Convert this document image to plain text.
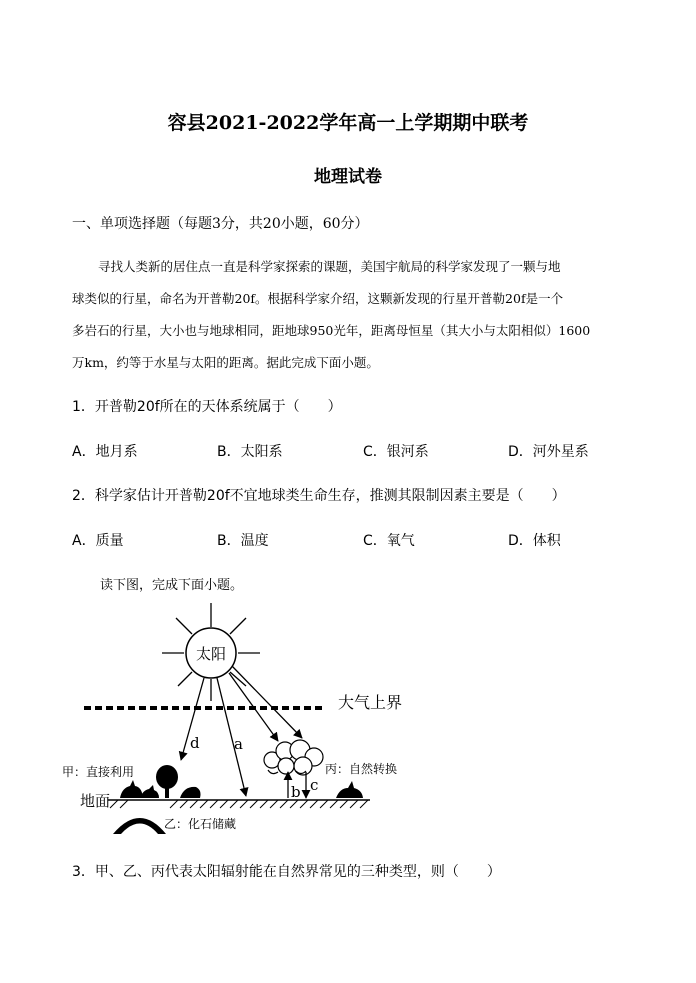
容县2021-2022学年高一上学期期中联考
地理试卷
一、单项选择题（每题3分，共20小题，60分）
寻找人类新的居住点一直是科学家探索的课题，美国宇航局的科学家发现了一颗与地
球类似的行星，命名为开普勒20f。根据科学家介绍，这颗新发现的行星开普勒20f是一个
多岩石的行星，大小也与地球相同，距地球950光年，距离母恒星（其大小与太阳相似）1600
万km，约等于水星与太阳的距离。据此完成下面小题。
1．开普勒20f所在的天体系统属于（　　）
A．地月系	B．太阳系	C．银河系	D．河外星系
2．科学家估计开普勒20f不宜地球类生命生存，推测其限制因素主要是（　　）
A．质量	B．温度	C．氧气	D．体积
读下图，完成下面小题。
太阳
大气上界
d a
b c
甲：直接利用
地面
乙：化石储藏
丙：自然转换
3．甲、乙、丙代表太阳辐射能在自然界常见的三种类型，则（　　）
